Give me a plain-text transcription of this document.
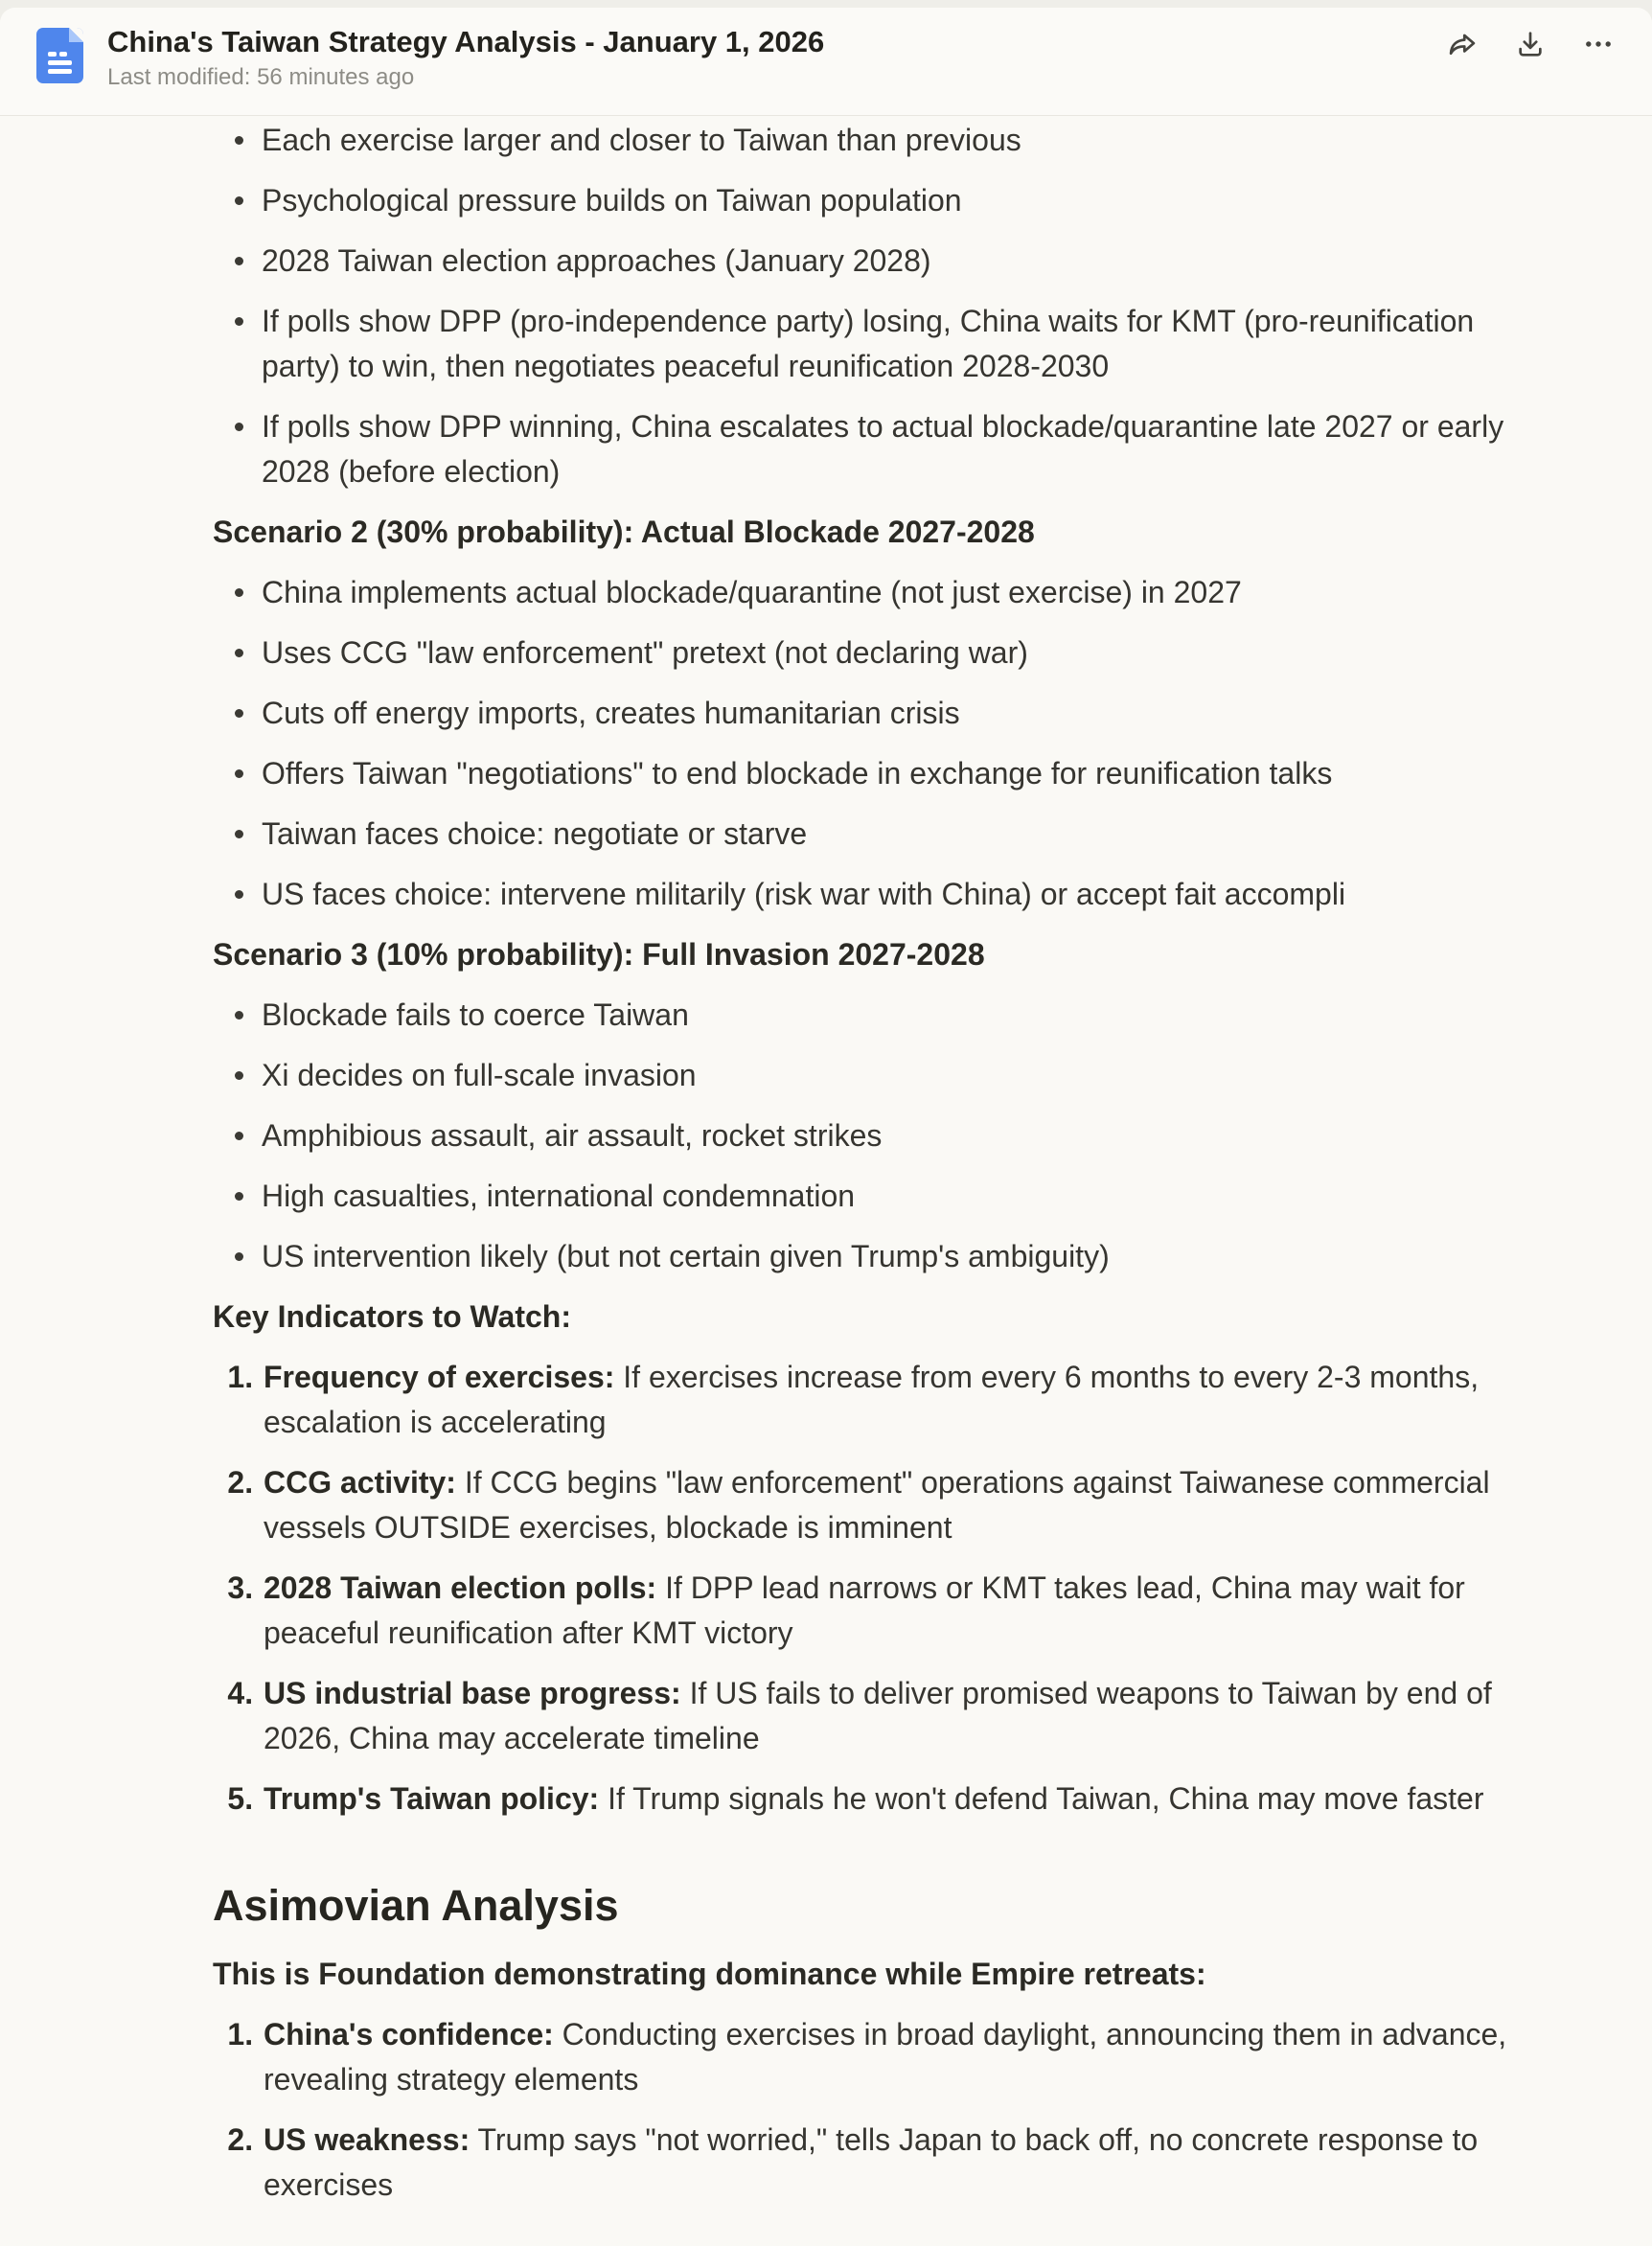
China's Taiwan Strategy Analysis - January 1, 2026
Last modified: 56 minutes ago
Each exercise larger and closer to Taiwan than previous
Psychological pressure builds on Taiwan population
2028 Taiwan election approaches (January 2028)
If polls show DPP (pro-independence party) losing, China waits for KMT (pro-reunification party) to win, then negotiates peaceful reunification 2028-2030
If polls show DPP winning, China escalates to actual blockade/quarantine late 2027 or early 2028 (before election)
Scenario 2 (30% probability): Actual Blockade 2027-2028
China implements actual blockade/quarantine (not just exercise) in 2027
Uses CCG "law enforcement" pretext (not declaring war)
Cuts off energy imports, creates humanitarian crisis
Offers Taiwan "negotiations" to end blockade in exchange for reunification talks
Taiwan faces choice: negotiate or starve
US faces choice: intervene militarily (risk war with China) or accept fait accompli
Scenario 3 (10% probability): Full Invasion 2027-2028
Blockade fails to coerce Taiwan
Xi decides on full-scale invasion
Amphibious assault, air assault, rocket strikes
High casualties, international condemnation
US intervention likely (but not certain given Trump's ambiguity)
Key Indicators to Watch:
1. Frequency of exercises: If exercises increase from every 6 months to every 2-3 months, escalation is accelerating
2. CCG activity: If CCG begins "law enforcement" operations against Taiwanese commercial vessels OUTSIDE exercises, blockade is imminent
3. 2028 Taiwan election polls: If DPP lead narrows or KMT takes lead, China may wait for peaceful reunification after KMT victory
4. US industrial base progress: If US fails to deliver promised weapons to Taiwan by end of 2026, China may accelerate timeline
5. Trump's Taiwan policy: If Trump signals he won't defend Taiwan, China may move faster
Asimovian Analysis

This is Foundation demonstrating dominance while Empire retreats:

1. China's confidence: Conducting exercises in broad daylight, announcing them in advance, revealing strategy elements
2. US weakness: Trump says "not worried," tells Japan to back off, no concrete response to exercises
